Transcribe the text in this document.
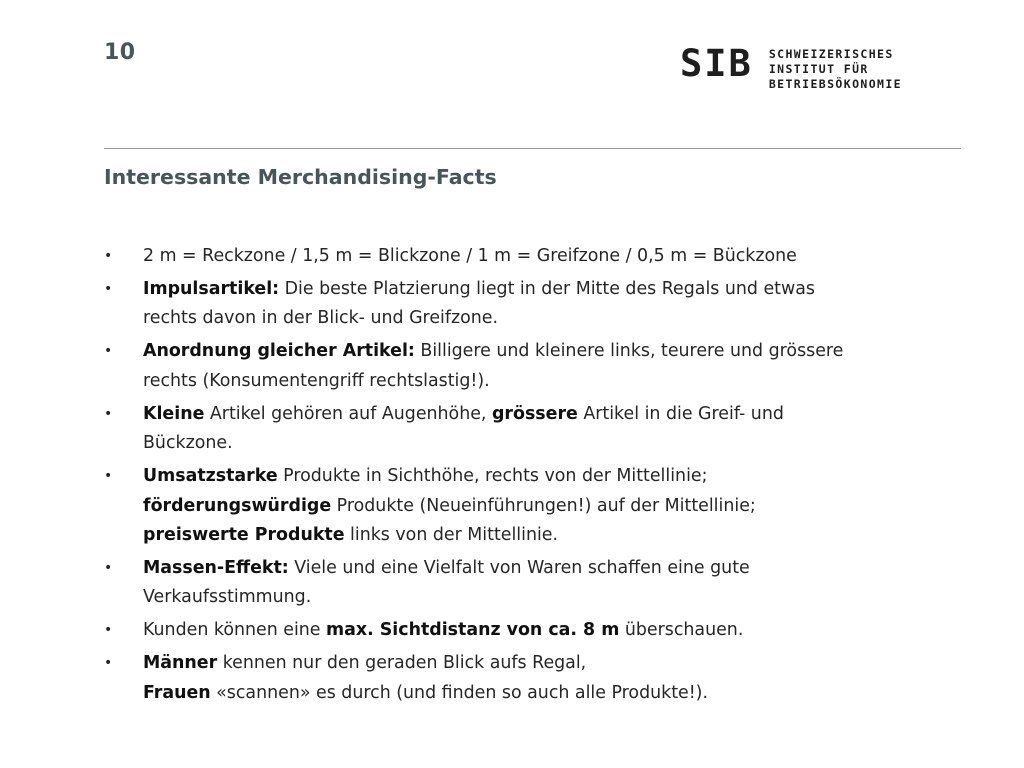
10	SIB SCHWEIZERISCHES
INSTITUT FÜR
BETRIEBSÖKONOMIE
Interessante Merchandising-Facts
• 2 m = Reckzone / 1,5 m = Blickzone / 1 m = Greifzone / 0,5 m = Bückzone
• Impulsartikel: Die beste Platzierung liegt in der Mitte des Regals und etwas
rechts davon in der Blick- und Greifzone.
• Anordnung gleicher Artikel: Billigere und kleinere links, teurere und grössere
rechts (Konsumentengriff rechtslastig!).
• Kleine Artikel gehören auf Augenhöhe, grössere Artikel in die Greif- und
Bückzone.
• Umsatzstarke Produkte in Sichthöhe, rechts von der Mittellinie;
förderungswürdige Produkte (Neueinführungen!) auf der Mittellinie;
preiswerte Produkte links von der Mittellinie.
• Massen-Effekt: Viele und eine Vielfalt von Waren schaffen eine gute
Verkaufsstimmung.
• Kunden können eine max. Sichtdistanz von ca. 8 m überschauen.
• Männer kennen nur den geraden Blick aufs Regal,
Frauen «scannen» es durch (und finden so auch alle Produkte!).
